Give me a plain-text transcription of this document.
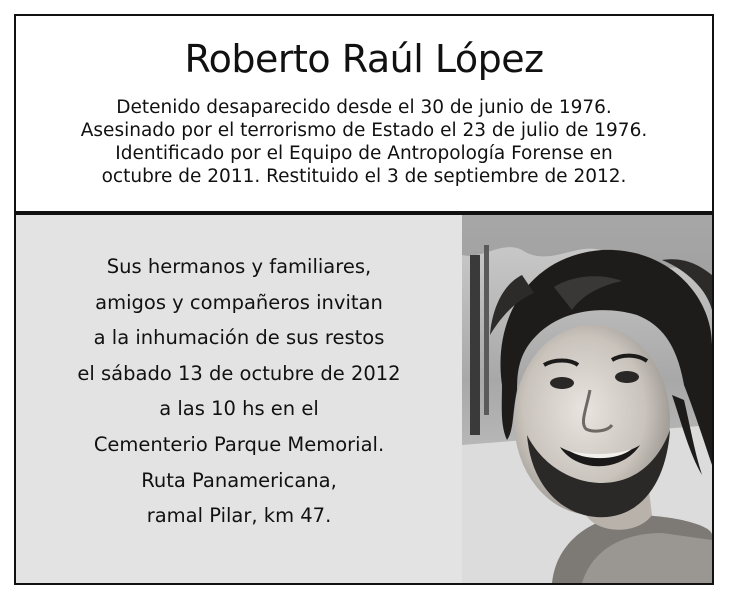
Roberto Raúl López
Detenido desaparecido desde el 30 de junio de 1976.
Asesinado por el terrorismo de Estado el 23 de julio de 1976.
Identificado por el Equipo de Antropología Forense en
octubre de 2011. Restituido el 3 de septiembre de 2012.
Sus hermanos y familiares,
amigos y compañeros invitan
a la inhumación de sus restos
el sábado 13 de octubre de 2012
a las 10 hs en el
Cementerio Parque Memorial.
Ruta Panamericana,
ramal Pilar, km 47.
